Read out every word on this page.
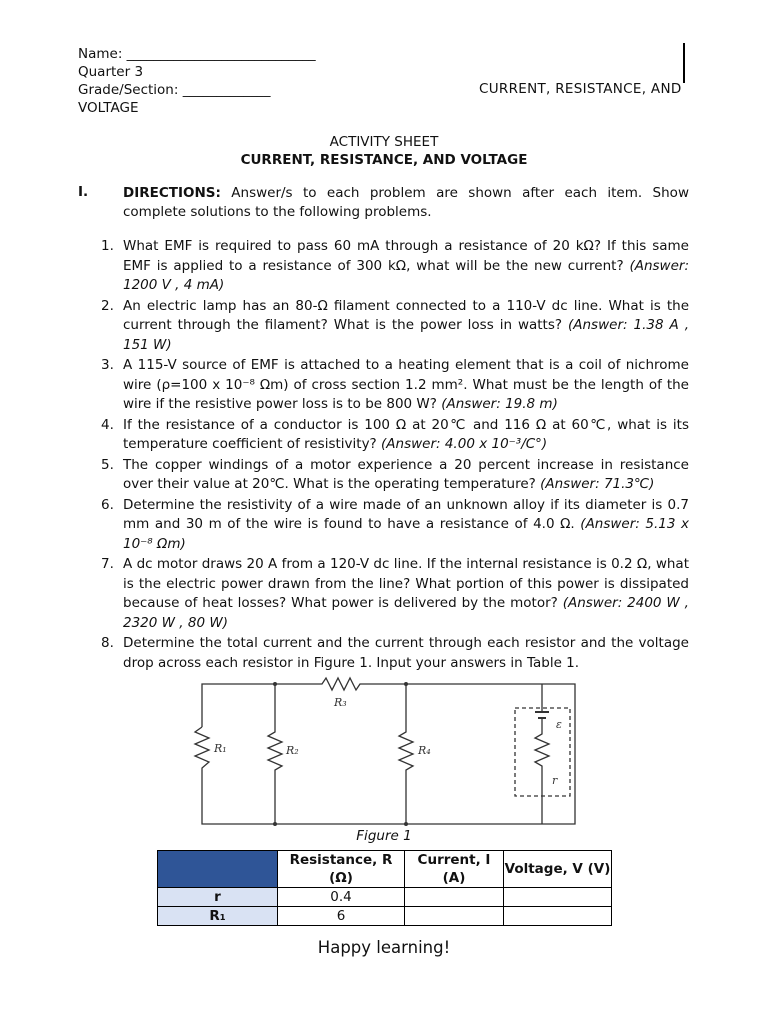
Name: ____________________________
Quarter 3
Grade/Section: _____________	CURRENT, RESISTANCE, AND
VOLTAGE
ACTIVITY SHEET
CURRENT, RESISTANCE, AND VOLTAGE
I.	DIRECTIONS: Answer/s to each problem are shown after each item. Show complete solutions to the following problems.
1. What EMF is required to pass 60 mA through a resistance of 20 kΩ? If this same EMF is applied to a resistance of 300 kΩ, what will be the new current? (Answer: 1200 V , 4 mA)
2. An electric lamp has an 80-Ω filament connected to a 110-V dc line. What is the current through the filament? What is the power loss in watts? (Answer: 1.38 A , 151 W)
3. A 115-V source of EMF is attached to a heating element that is a coil of nichrome wire (ρ=100 x 10⁻⁸ Ωm) of cross section 1.2 mm². What must be the length of the wire if the resistive power loss is to be 800 W? (Answer: 19.8 m)
4. If the resistance of a conductor is 100 Ω at 20℃ and 116 Ω at 60℃, what is its temperature coefficient of resistivity? (Answer: 4.00 x 10⁻³/C°)
5. The copper windings of a motor experience a 20 percent increase in resistance over their value at 20℃. What is the operating temperature? (Answer: 71.3℃)
6. Determine the resistivity of a wire made of an unknown alloy if its diameter is 0.7 mm and 30 m of the wire is found to have a resistance of 4.0 Ω. (Answer: 5.13 x 10⁻⁸ Ωm)
7. A dc motor draws 20 A from a 120-V dc line. If the internal resistance is 0.2 Ω, what is the electric power drawn from the line? What portion of this power is dissipated because of heat losses? What power is delivered by the motor? (Answer: 2400 W , 2320 W , 80 W)
8. Determine the total current and the current through each resistor and the voltage drop across each resistor in Figure 1. Input your answers in Table 1.
R₁	R₂
R₃
R₄
ε
r
Figure 1
	Resistance, R (Ω)	Current, I (A)	Voltage, V (V)
r	0.4		
R₁	6		
Happy learning!
